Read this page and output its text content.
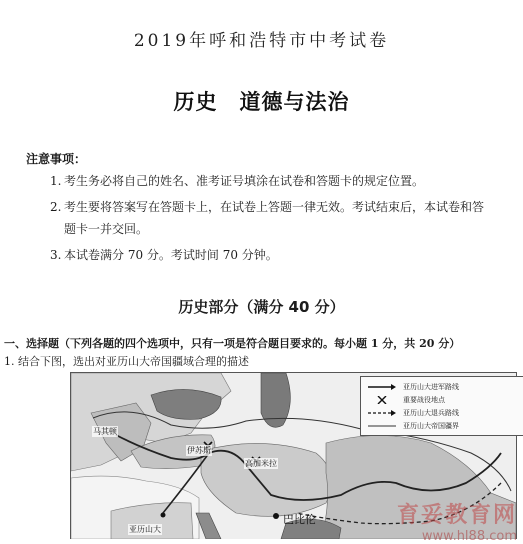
2019年呼和浩特市中考试卷
历史　道德与法治
注意事项：
1. 考生务必将自己的姓名、准考证号填涂在试卷和答题卡的规定位置。
2. 考生要将答案写在答题卡上，在试卷上答题一律无效。考试结束后，本试卷和答
题卡一并交回。
3. 本试卷满分 70 分。考试时间 70 分钟。
历史部分（满分 40 分）
一、选择题（下列各题的四个选项中，只有一项是符合题目要求的。每小题 1 分，共 20 分）
1. 结合下图，选出对亚历山大帝国疆域合理的描述
马其顿
伊苏斯
高加米拉
巴比伦
亚历山大
亚历山大进军路线
重要战役地点
亚历山大退兵路线
亚历山大帝国疆界
育妥教育网
www.hl88.com
